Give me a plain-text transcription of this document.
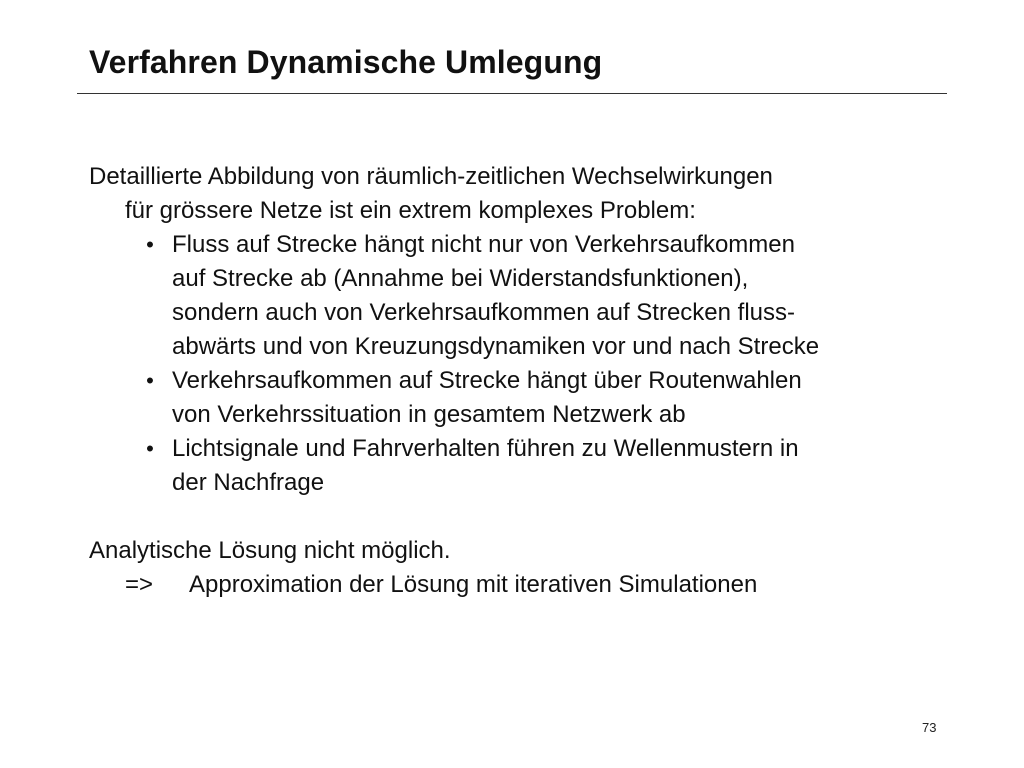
Verfahren Dynamische Umlegung

Detaillierte Abbildung von räumlich-zeitlichen Wechselwirkungen

für grössere Netze ist ein extrem komplexes Problem:

• Fluss auf Strecke hängt nicht nur von Verkehrsaufkommen
auf Strecke ab (Annahme bei Widerstandsfunktionen),
sondern auch von Verkehrsaufkommen auf Strecken fluss-
abwärts und von Kreuzungsdynamiken vor und nach Strecke
• Verkehrsaufkommen auf Strecke hängt über Routenwahlen
von Verkehrssituation in gesamtem Netzwerk ab
• Lichtsignale und Fahrverhalten führen zu Wellenmustern in
der Nachfrage

Analytische Lösung nicht möglich.

=> Approximation der Lösung mit iterativen Simulationen
73
